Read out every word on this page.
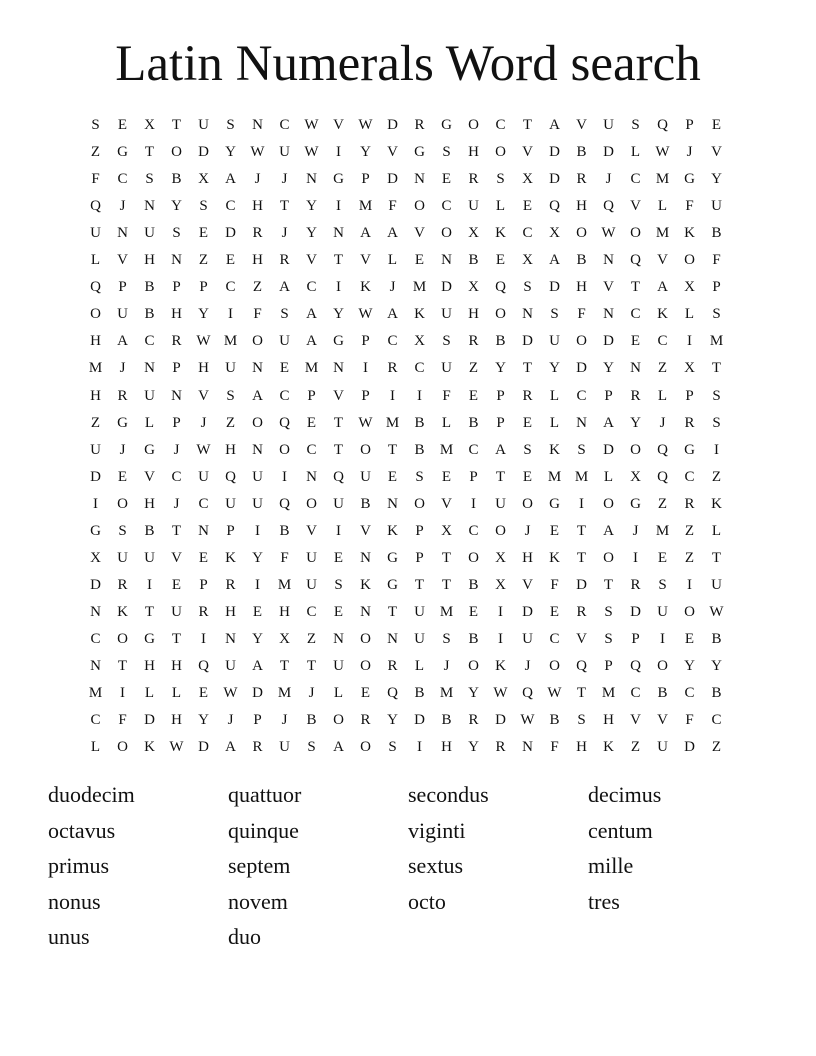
Latin Numerals Word search
S	E	X	T	U	S	N	C W V W D	R	G	O	C	T	A	V	U	S	Q	P	E
Z	G	T	O	D	Y W U W	I	Y	V	G	S	H	O	V	D	B	D	L	W	J	V
F	C	S	B	X	A	J	J	N	G	P	D	N	E	R	S	X	D	R	J	C	M G	Y
Q	J	N	Y	S	C	H	T	Y	I	M	F	O	C	U	L	E	Q	H	Q	V	L	F	U
U	N	U	S	E	D	R	J	Y	N	A	A	V	O	X	K	C	X	O W O M K	B
L	V	H	N	Z	E	H	R	V	T	V	L	E	N	B	E	X	A	B	N	Q	V	O	F
Q	P	B	P	P	C	Z	A	C	I	K	J	M D	X	Q	S	D	H	V	T	A	X	P
O	U	B	H	Y	I	F	S	A	Y W A	K	U	H	O	N	S	F	N	C	K	L	S
H	A	C	R W M O	U	A	G	P	C	X	S	R	B	D	U	O	D	E	C	I	M
M	J	N	P	H	U	N	E	M N	I	R	C	U	Z	Y	T	Y	D	Y	N	Z	X	T
H	R	U	N	V	S	A	C	P	V	P	I	I	F	E	P	R	L	C	P	R	L	P	S
Z	G	L	P	J	Z	O	Q	E	T	W M	B	L	B	P	E	L	N	A	Y	J	R	S
U	J	G	J	W H	N	O	C	T	O	T	B	M	C	A	S	K	S	D	O	Q	G	I
D	E	V	C	U	Q	U	I	N	Q	U	E	S	E	P	T	E	M M	L	X	Q	C	Z
I	O	H	J	C	U	U	Q	O	U	B	N	O	V	I	U	O	G	I	O	G	Z	R	K
G	S	B	T	N	P	I	B	V	I	V	K	P	X	C	O	J	E	T	A	J	M	Z	L
X	U	U	V	E	K	Y	F	U	E	N	G	P	T	O	X	H	K	T	O	I	E	Z	T
D	R	I	E	P	R	I	M U	S	K	G	T	T	B	X	V	F	D	T	R	S	I	U
N	K	T	U	R	H	E	H	C	E	N	T	U M	E	I	D	E	R	S	D	U	O W
C	O	G	T	I	N	Y	X	Z	N	O	N	U	S	B	I	U	C	V	S	P	I	E	B
N	T	H	H	Q	U	A	T	T	U	O	R	L	J	O	K	J	O	Q	P	Q	O	Y	Y
M	I	L	L	E	W D M	J	L	E	Q	B	M Y W Q W	T	M	C	B	C	B
C	F	D	H	Y	J	P	J	B	O	R	Y	D	B	R	D W B	S	H	V	V	F	C
L	O	K W D	A	R	U	S	A	O	S	I	H	Y	R	N	F	H	K	Z	U	D	Z
duodecim	quattuor	secondus	decimus
octavus	quinque	viginti	centum
primus	septem	sextus	mille
nonus	novem	octo	tres
unus	duo
